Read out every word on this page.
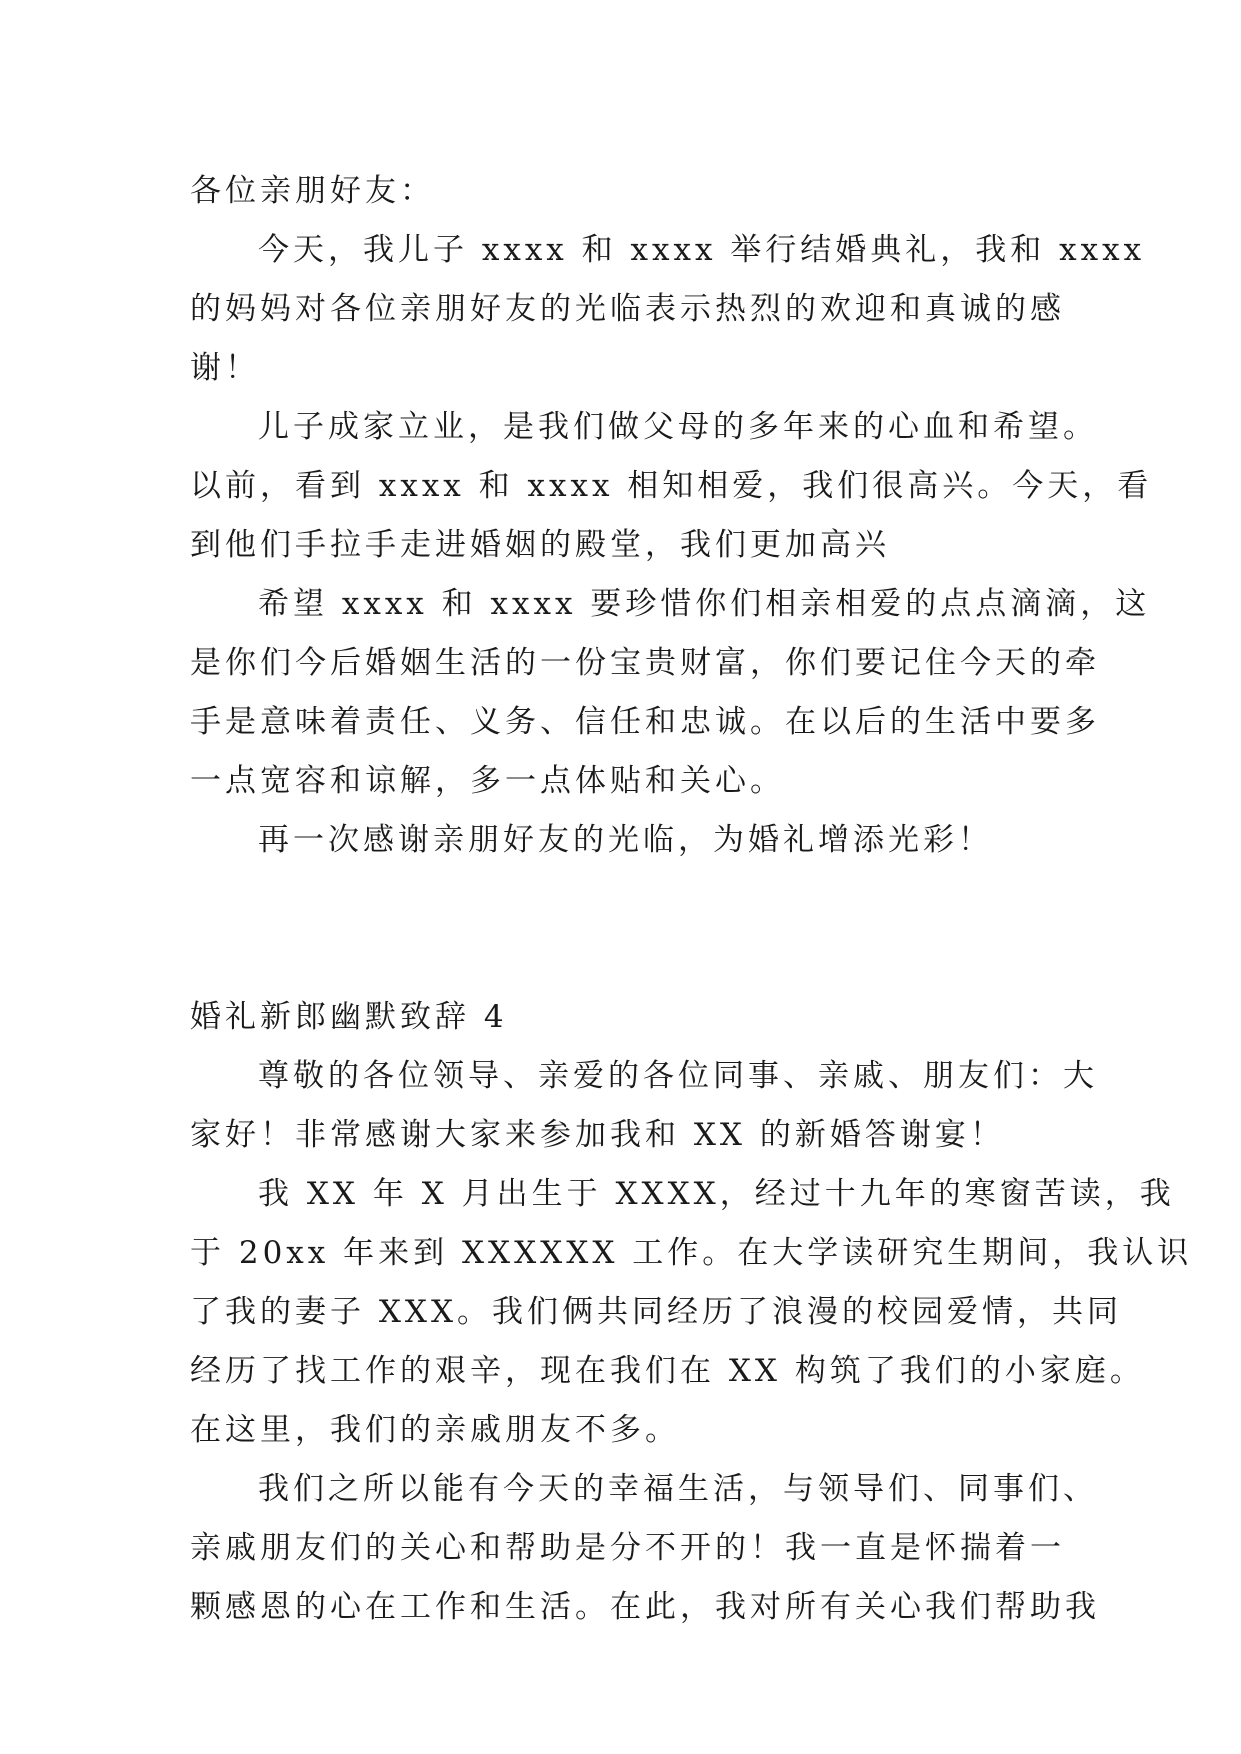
各位亲朋好友：
今天，我儿子 xxxx 和 xxxx 举行结婚典礼，我和 xxxx
的妈妈对各位亲朋好友的光临表示热烈的欢迎和真诚的感
谢！
儿子成家立业，是我们做父母的多年来的心血和希望。
以前，看到 xxxx 和 xxxx 相知相爱，我们很高兴。今天，看
到他们手拉手走进婚姻的殿堂，我们更加高兴
希望 xxxx 和 xxxx 要珍惜你们相亲相爱的点点滴滴，这
是你们今后婚姻生活的一份宝贵财富，你们要记住今天的牵
手是意味着责任、义务、信任和忠诚。在以后的生活中要多
一点宽容和谅解，多一点体贴和关心。
再一次感谢亲朋好友的光临，为婚礼增添光彩！
婚礼新郎幽默致辞 4
尊敬的各位领导、亲爱的各位同事、亲戚、朋友们：大
家好！非常感谢大家来参加我和 XX 的新婚答谢宴！
我 XX 年 X 月出生于 XXXX，经过十九年的寒窗苦读，我
于 20xx 年来到 XXXXXX 工作。在大学读研究生期间，我认识
了我的妻子 XXX。我们俩共同经历了浪漫的校园爱情，共同
经历了找工作的艰辛，现在我们在 XX 构筑了我们的小家庭。
在这里，我们的亲戚朋友不多。
我们之所以能有今天的幸福生活，与领导们、同事们、
亲戚朋友们的关心和帮助是分不开的！我一直是怀揣着一
颗感恩的心在工作和生活。在此，我对所有关心我们帮助我
